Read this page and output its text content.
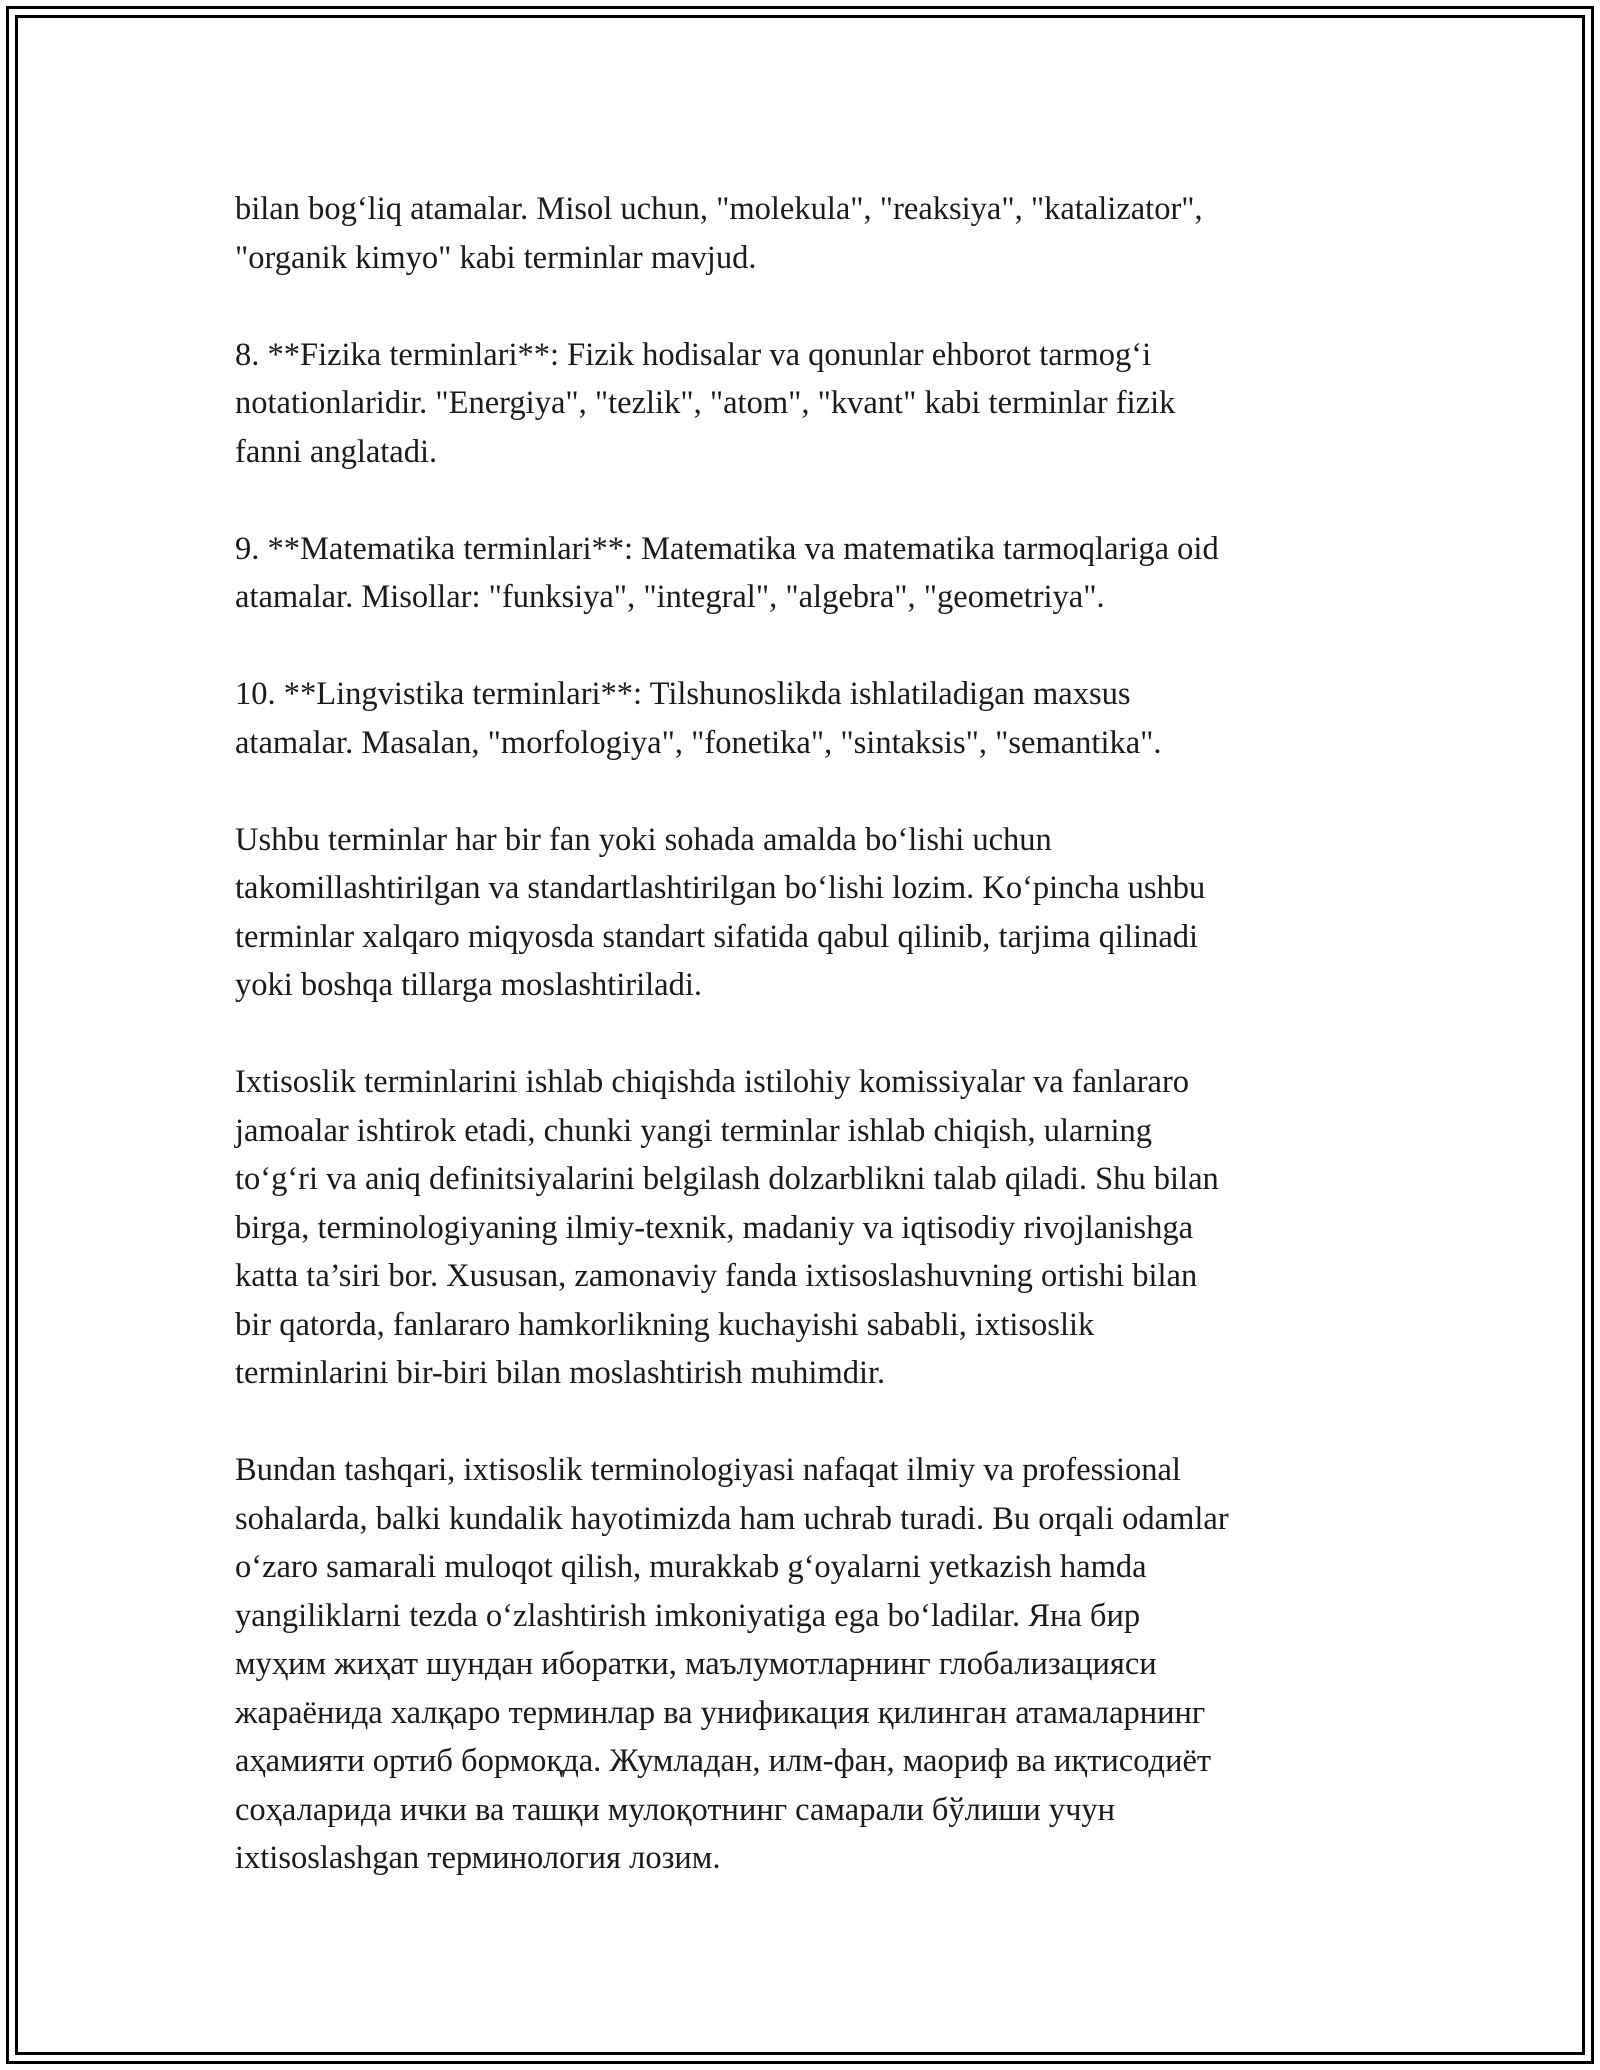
bilan bog‘liq atamalar. Misol uchun, "molekula", "reaksiya", "katalizator",
"organik kimyo" kabi terminlar mavjud.

8. **Fizika terminlari**: Fizik hodisalar va qonunlar ehborot tarmog‘i
notationlaridir. "Energiya", "tezlik", "atom", "kvant" kabi terminlar fizik
fanni anglatadi.

9. **Matematika terminlari**: Matematika va matematika tarmoqlariga oid
atamalar. Misollar: "funksiya", "integral", "algebra", "geometriya".

10. **Lingvistika terminlari**: Tilshunoslikda ishlatiladigan maxsus
atamalar. Masalan, "morfologiya", "fonetika", "sintaksis", "semantika".

Ushbu terminlar har bir fan yoki sohada amalda bo‘lishi uchun
takomillashtirilgan va standartlashtirilgan bo‘lishi lozim. Ko‘pincha ushbu
terminlar xalqaro miqyosda standart sifatida qabul qilinib, tarjima qilinadi
yoki boshqa tillarga moslashtiriladi.

Ixtisoslik terminlarini ishlab chiqishda istilohiy komissiyalar va fanlararo
jamoalar ishtirok etadi, chunki yangi terminlar ishlab chiqish, ularning
to‘g‘ri va aniq definitsiyalarini belgilash dolzarblikni talab qiladi. Shu bilan
birga, terminologiyaning ilmiy-texnik, madaniy va iqtisodiy rivojlanishga
katta ta’siri bor. Xususan, zamonaviy fanda ixtisoslashuvning ortishi bilan
bir qatorda, fanlararo hamkorlikning kuchayishi sababli, ixtisoslik
terminlarini bir-biri bilan moslashtirish muhimdir.

Bundan tashqari, ixtisoslik terminologiyasi nafaqat ilmiy va professional
sohalarda, balki kundalik hayotimizda ham uchrab turadi. Bu orqali odamlar
o‘zaro samarali muloqot qilish, murakkab g‘oyalarni yetkazish hamda
yangiliklarni tezda o‘zlashtirish imkoniyatiga ega bo‘ladilar. Яна бир
муҳим жиҳат шундан иборатки, маълумотларнинг глобализацияси
жараёнида халқаро терминлар ва унификация қилинган атамаларнинг
аҳамияти ортиб бормоқда. Жумладан, илм-фан, маориф ва иқтисодиёт
соҳаларида ички ва ташқи мулоқотнинг самарали бўлиши учун
ixtisoslashgan терминология лозим.
